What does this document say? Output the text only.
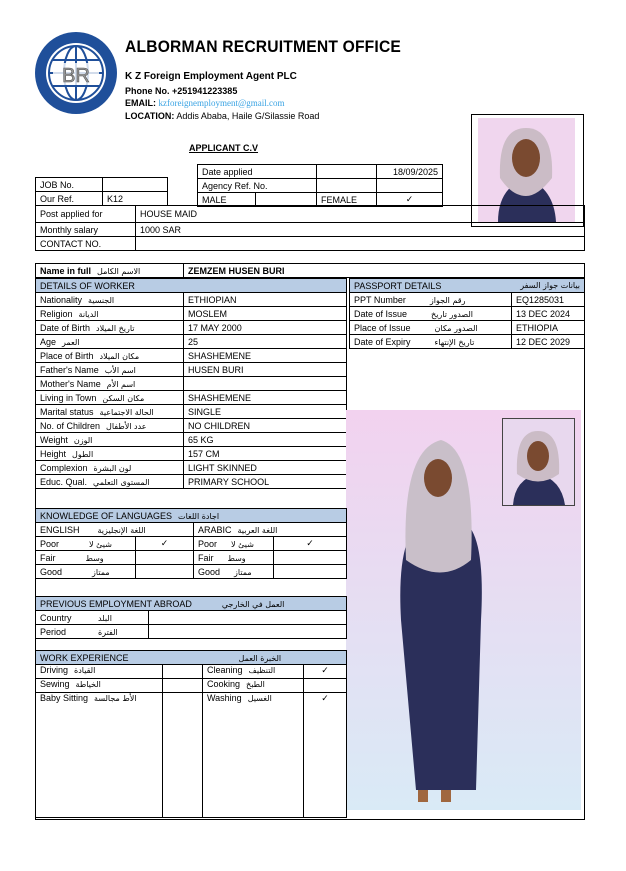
BR
ALBORMAN RECRUITMENT OFFICE
K Z Foreign Employment Agent PLC
Phone No. +251941223385
EMAIL: kzforeignemployment@gmail.com
LOCATION: Addis Ababa, Haile G/Silassie Road
APPLICANT C.V
JOB No.	
Our Ref.	K12
Date applied			18/09/2025
Agency Ref. No.			
MALE		FEMALE	✓
Post applied for	HOUSE MAID
Monthly salary	1000 SAR
CONTACT NO.	
Name in full الاسم الكامل	ZEMZEM HUSEN BURI
DETAILS OF WORKER	
Nationality الجنسية	ETHIOPIAN
Religion الديانة	MOSLEM
Date of Birth تاريخ الميلاد	17 MAY 2000
Age العمر	25
Place of Birth مكان الميلاد	SHASHEMENE
Father's Name اسم الأب	HUSEN BURI
Mother's Name اسم الأم	
Living in Town مكان السكن	SHASHEMENE
Marital status الحالة الاجتماعية	SINGLE
No. of Children عدد الأطفال	NO CHILDREN
Weight الوزن	65 KG
Height الطول	157 CM
Complexion لون البشرة	LIGHT SKINNED
Educ. Qual. المستوى التعلمي	PRIMARY SCHOOL
PASSPORT DETAILS بيانات جواز السفر	

PPT Number رقم الجواز	EQ1285031
Date of Issue الصدور تاريخ	13 DEC 2024
Place of Issue الصدور مكان	ETHIOPIA
Date of Expiry تاريخ الإنتهاء	12 DEC 2029
KNOWLEDGE OF LANGUAGES اجادة اللغات			
ENGLISH اللغة الإنجليزية		ARABIC اللغة العربية	
Poor شيئ لا	✓	Poor شيئ لا	✓
Fair وسط		Fair وسط	
Good ممتاز		Good ممتاز	
PREVIOUS EMPLOYMENT ABROAD العمل في الخارجي	
Country البلد	
Period الفترة	
WORK EXPERIENCE الخبرة العمل			
Driving القيادة		Cleaning التنظيف	✓
Sewing الخياطة		Cooking الطبخ	
Baby Sitting الأط مجالسة		Washing الغسيل	✓
